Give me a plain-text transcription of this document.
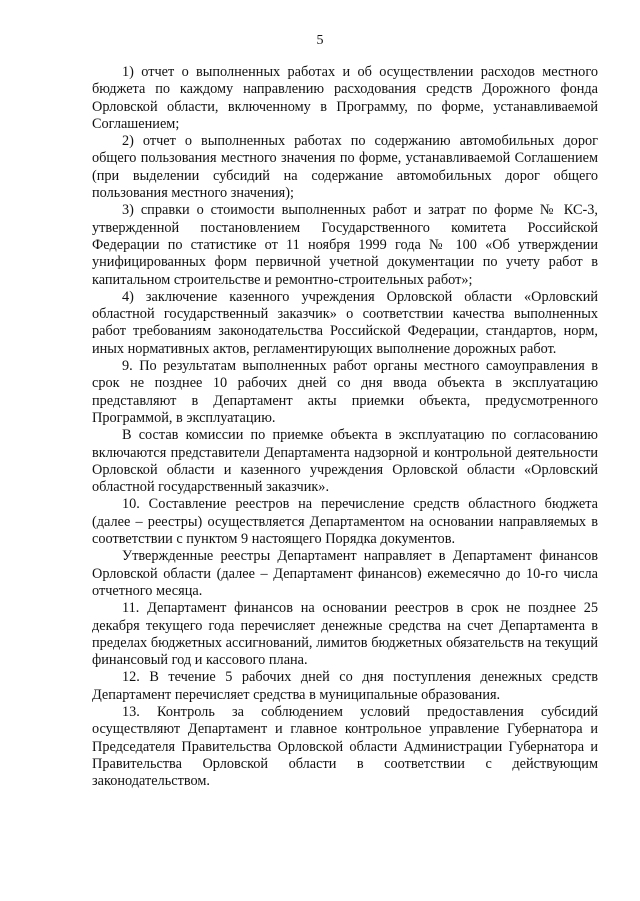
5

1) отчет о выполненных работах и об осуществлении расходов местного бюджета по каждому направлению расходования средств Дорожного фонда Орловской области, включенному в Программу, по форме, устанавливаемой Соглашением;

2) отчет о выполненных работах по содержанию автомобильных дорог общего пользования местного значения по форме, устанавливаемой Соглашением (при выделении субсидий на содержание автомобильных дорог общего пользования местного значения);

3) справки о стоимости выполненных работ и затрат по форме № КС-3, утвержденной постановлением Государственного комитета Российской Федерации по статистике от 11 ноября 1999 года № 100 «Об утверждении унифицированных форм первичной учетной документации по учету работ в капитальном строительстве и ремонтно-строительных работ»;

4) заключение казенного учреждения Орловской области «Орловский областной государственный заказчик» о соответствии качества выполненных работ требованиям законодательства Российской Федерации, стандартов, норм, иных нормативных актов, регламентирующих выполнение дорожных работ.

9. По результатам выполненных работ органы местного самоуправления в срок не позднее 10 рабочих дней со дня ввода объекта в эксплуатацию представляют в Департамент акты приемки объекта, предусмотренного Программой, в эксплуатацию.

В состав комиссии по приемке объекта в эксплуатацию по согласованию включаются представители Департамента надзорной и контрольной деятельности Орловской области и казенного учреждения Орловской области «Орловский областной государственный заказчик».

10. Составление реестров на перечисление средств областного бюджета (далее – реестры) осуществляется Департаментом на основании направляемых в соответствии с пунктом 9 настоящего Порядка документов.

Утвержденные реестры Департамент направляет в Департамент финансов Орловской области (далее – Департамент финансов) ежемесячно до 10-го числа отчетного месяца.

11. Департамент финансов на основании реестров в срок не позднее 25 декабря текущего года перечисляет денежные средства на счет Департамента в пределах бюджетных ассигнований, лимитов бюджетных обязательств на текущий финансовый год и кассового плана.

12. В течение 5 рабочих дней со дня поступления денежных средств Департамент перечисляет средства в муниципальные образования.

13. Контроль за соблюдением условий предоставления субсидий осуществляют Департамент и главное контрольное управление Губернатора и Председателя Правительства Орловской области Администрации Губернатора и Правительства Орловской области в соответствии с действующим законодательством.
